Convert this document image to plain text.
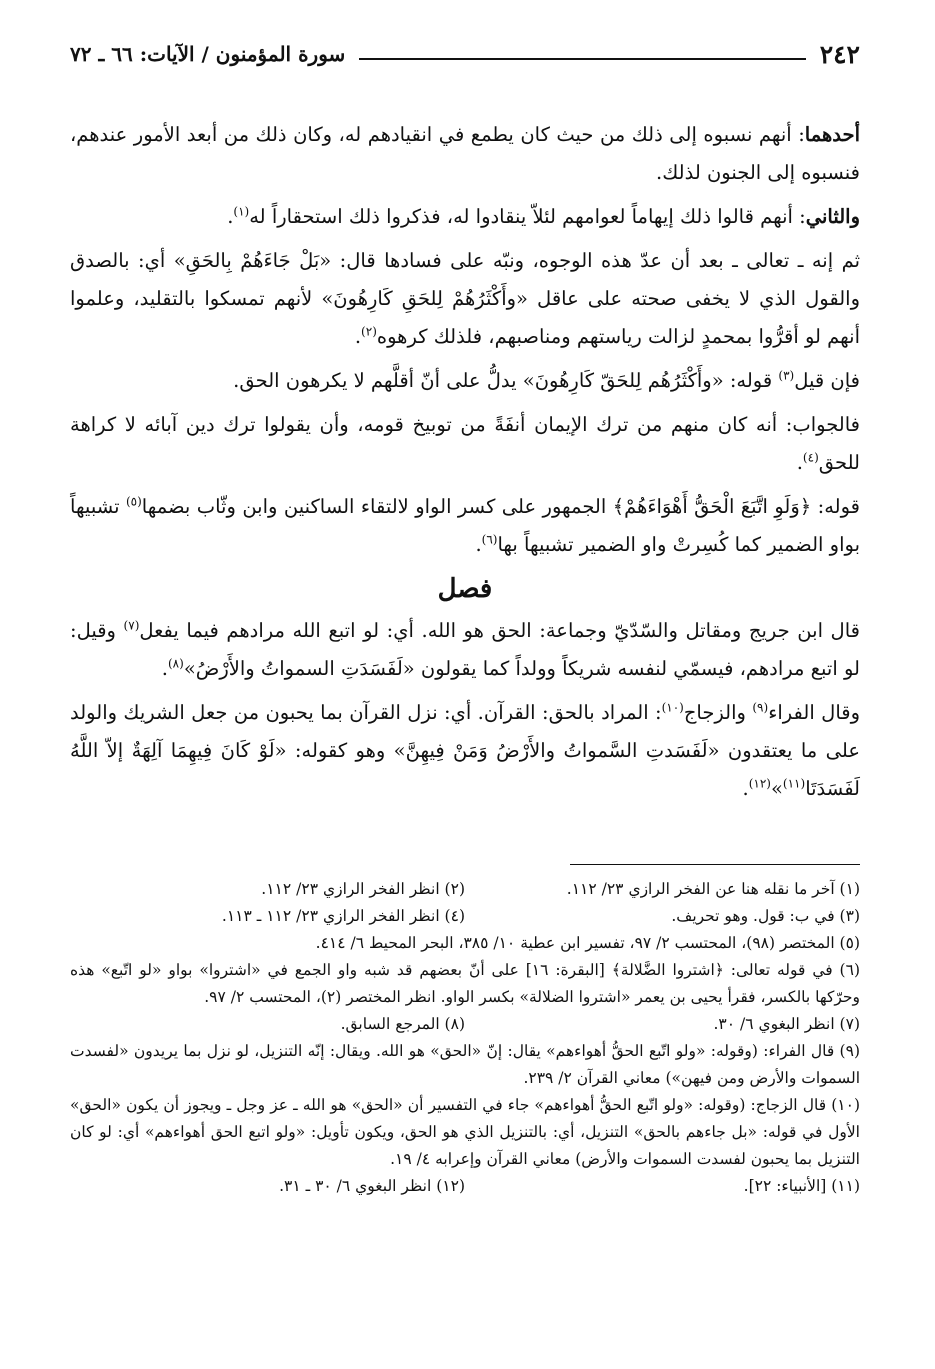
٢٤٢
سورة المؤمنون / الآيات: ٦٦ ـ ٧٢

أحدهما: أنهم نسبوه إلى ذلك من حيث كان يطمع في انقيادهم له، وكان ذلك من أبعد الأمور عندهم، فنسبوه إلى الجنون لذلك.

والثاني: أنهم قالوا ذلك إيهاماً لعوامهم لئلاّ ينقادوا له، فذكروا ذلك استحقاراً له$^{(١)}$.

ثم إنه ـ تعالى ـ بعد أن عدّ هذه الوجوه، ونبّه على فسادها قال: «بَلْ جَاءَهُمْ بِالحَقِ» أي: بالصدق والقول الذي لا يخفى صحته على عاقل «وأَكْثَرُهُمْ لِلحَقِ كَارِهُونَ» لأنهم تمسكوا بالتقليد، وعلموا أنهم لو أقرُّوا بمحمدٍ لزالت رياستهم ومناصبهم، فلذلك كرهوه$^{(٢)}$.

فإن قيل$^{(٣)}$ قوله: «وأَكْثَرُهُم لِلحَقّ كَارِهُونَ» يدلُّ على أنّ أقلَّهم لا يكرهون الحق.

فالجواب: أنه كان منهم من ترك الإيمان أنفَةً من توبيخ قومه، وأن يقولوا ترك دين آبائه لا كراهة للحق$^{(٤)}$.

قوله: ﴿وَلَوِ اتَّبَعَ الْحَقُّ أَهْوَاءَهُمْ﴾ الجمهور على كسر الواو لالتقاء الساكنين وابن وثّاب بضمها$^{(٥)}$ تشبيهاً بواو الضمير كما كُسِرتْ واو الضمير تشبيهاً بها$^{(٦)}$.

فصل

قال ابن جريج ومقاتل والسّدّيّ وجماعة: الحق هو الله. أي: لو اتبع الله مرادهم فيما يفعل$^{(٧)}$ وقيل: لو اتبع مرادهم، فيسمّي لنفسه شريكاً وولداً كما يقولون «لَفَسَدَتِ السمواتُ والأَرْضُ»$^{(٨)}$.

وقال الفراء$^{(٩)}$ والزجاج$^{(١٠)}$: المراد بالحق: القرآن. أي: نزل القرآن بما يحبون من جعل الشريك والولد على ما يعتقدون «لَفَسَدتِ السَّمواتُ والأَرْضُ وَمَنْ فِيهِنَّ» وهو كقوله: «لَوْ كَانَ فِيهِمَا آلِهَةٌ إلاّ اللَّهُ لَفَسَدَتَا$^{(١١)}$»$^{(١٢)}$.

(١) آخر ما نقله هنا عن الفخر الرازي ٢٣/ ١١٢.
(٢) انظر الفخر الرازي ٢٣/ ١١٢.
(٣) في ب: قول. وهو تحريف.
(٤) انظر الفخر الرازي ٢٣/ ١١٢ ـ ١١٣.
(٥) المختصر (٩٨)، المحتسب ٢/ ٩٧، تفسير ابن عطية ١٠/ ٣٨٥، البحر المحيط ٦/ ٤١٤.
(٦) في قوله تعالى: ﴿اشتروا الضَّلالة﴾ [البقرة: ١٦] على أنّ بعضهم قد شبه واو الجمع في «اشتروا» بواو «لو اتّبع» هذه وحرّكها بالكسر، فقرأ يحيى بن يعمر «اشتروا الضلالة» بكسر الواو. انظر المختصر (٢)، المحتسب ٢/ ٩٧.
(٧) انظر البغوي ٦/ ٣٠.
(٨) المرجع السابق.
(٩) قال الفراء: (وقوله: «ولو اتّبع الحقُّ أهواءهم» يقال: إنّ «الحق» هو الله. ويقال: إنّه التنزيل، لو نزل بما يريدون «لفسدت السموات والأرض ومن فيهن») معاني القرآن ٢/ ٢٣٩.
(١٠) قال الزجاج: (وقوله: «ولو اتّبع الحقُّ أهواءهم» جاء في التفسير أن «الحق» هو الله ـ عز وجل ـ ويجوز أن يكون «الحق» الأول في قوله: «بل جاءهم بالحق» التنزيل، أي: بالتنزيل الذي هو الحق، ويكون تأويل: «ولو اتبع الحق أهواءهم» أي: لو كان التنزيل بما يحبون لفسدت السموات والأرض) معاني القرآن وإعرابه ٤/ ١٩.
(١١) [الأنبياء: ٢٢].
(١٢) انظر البغوي ٦/ ٣٠ ـ ٣١.
